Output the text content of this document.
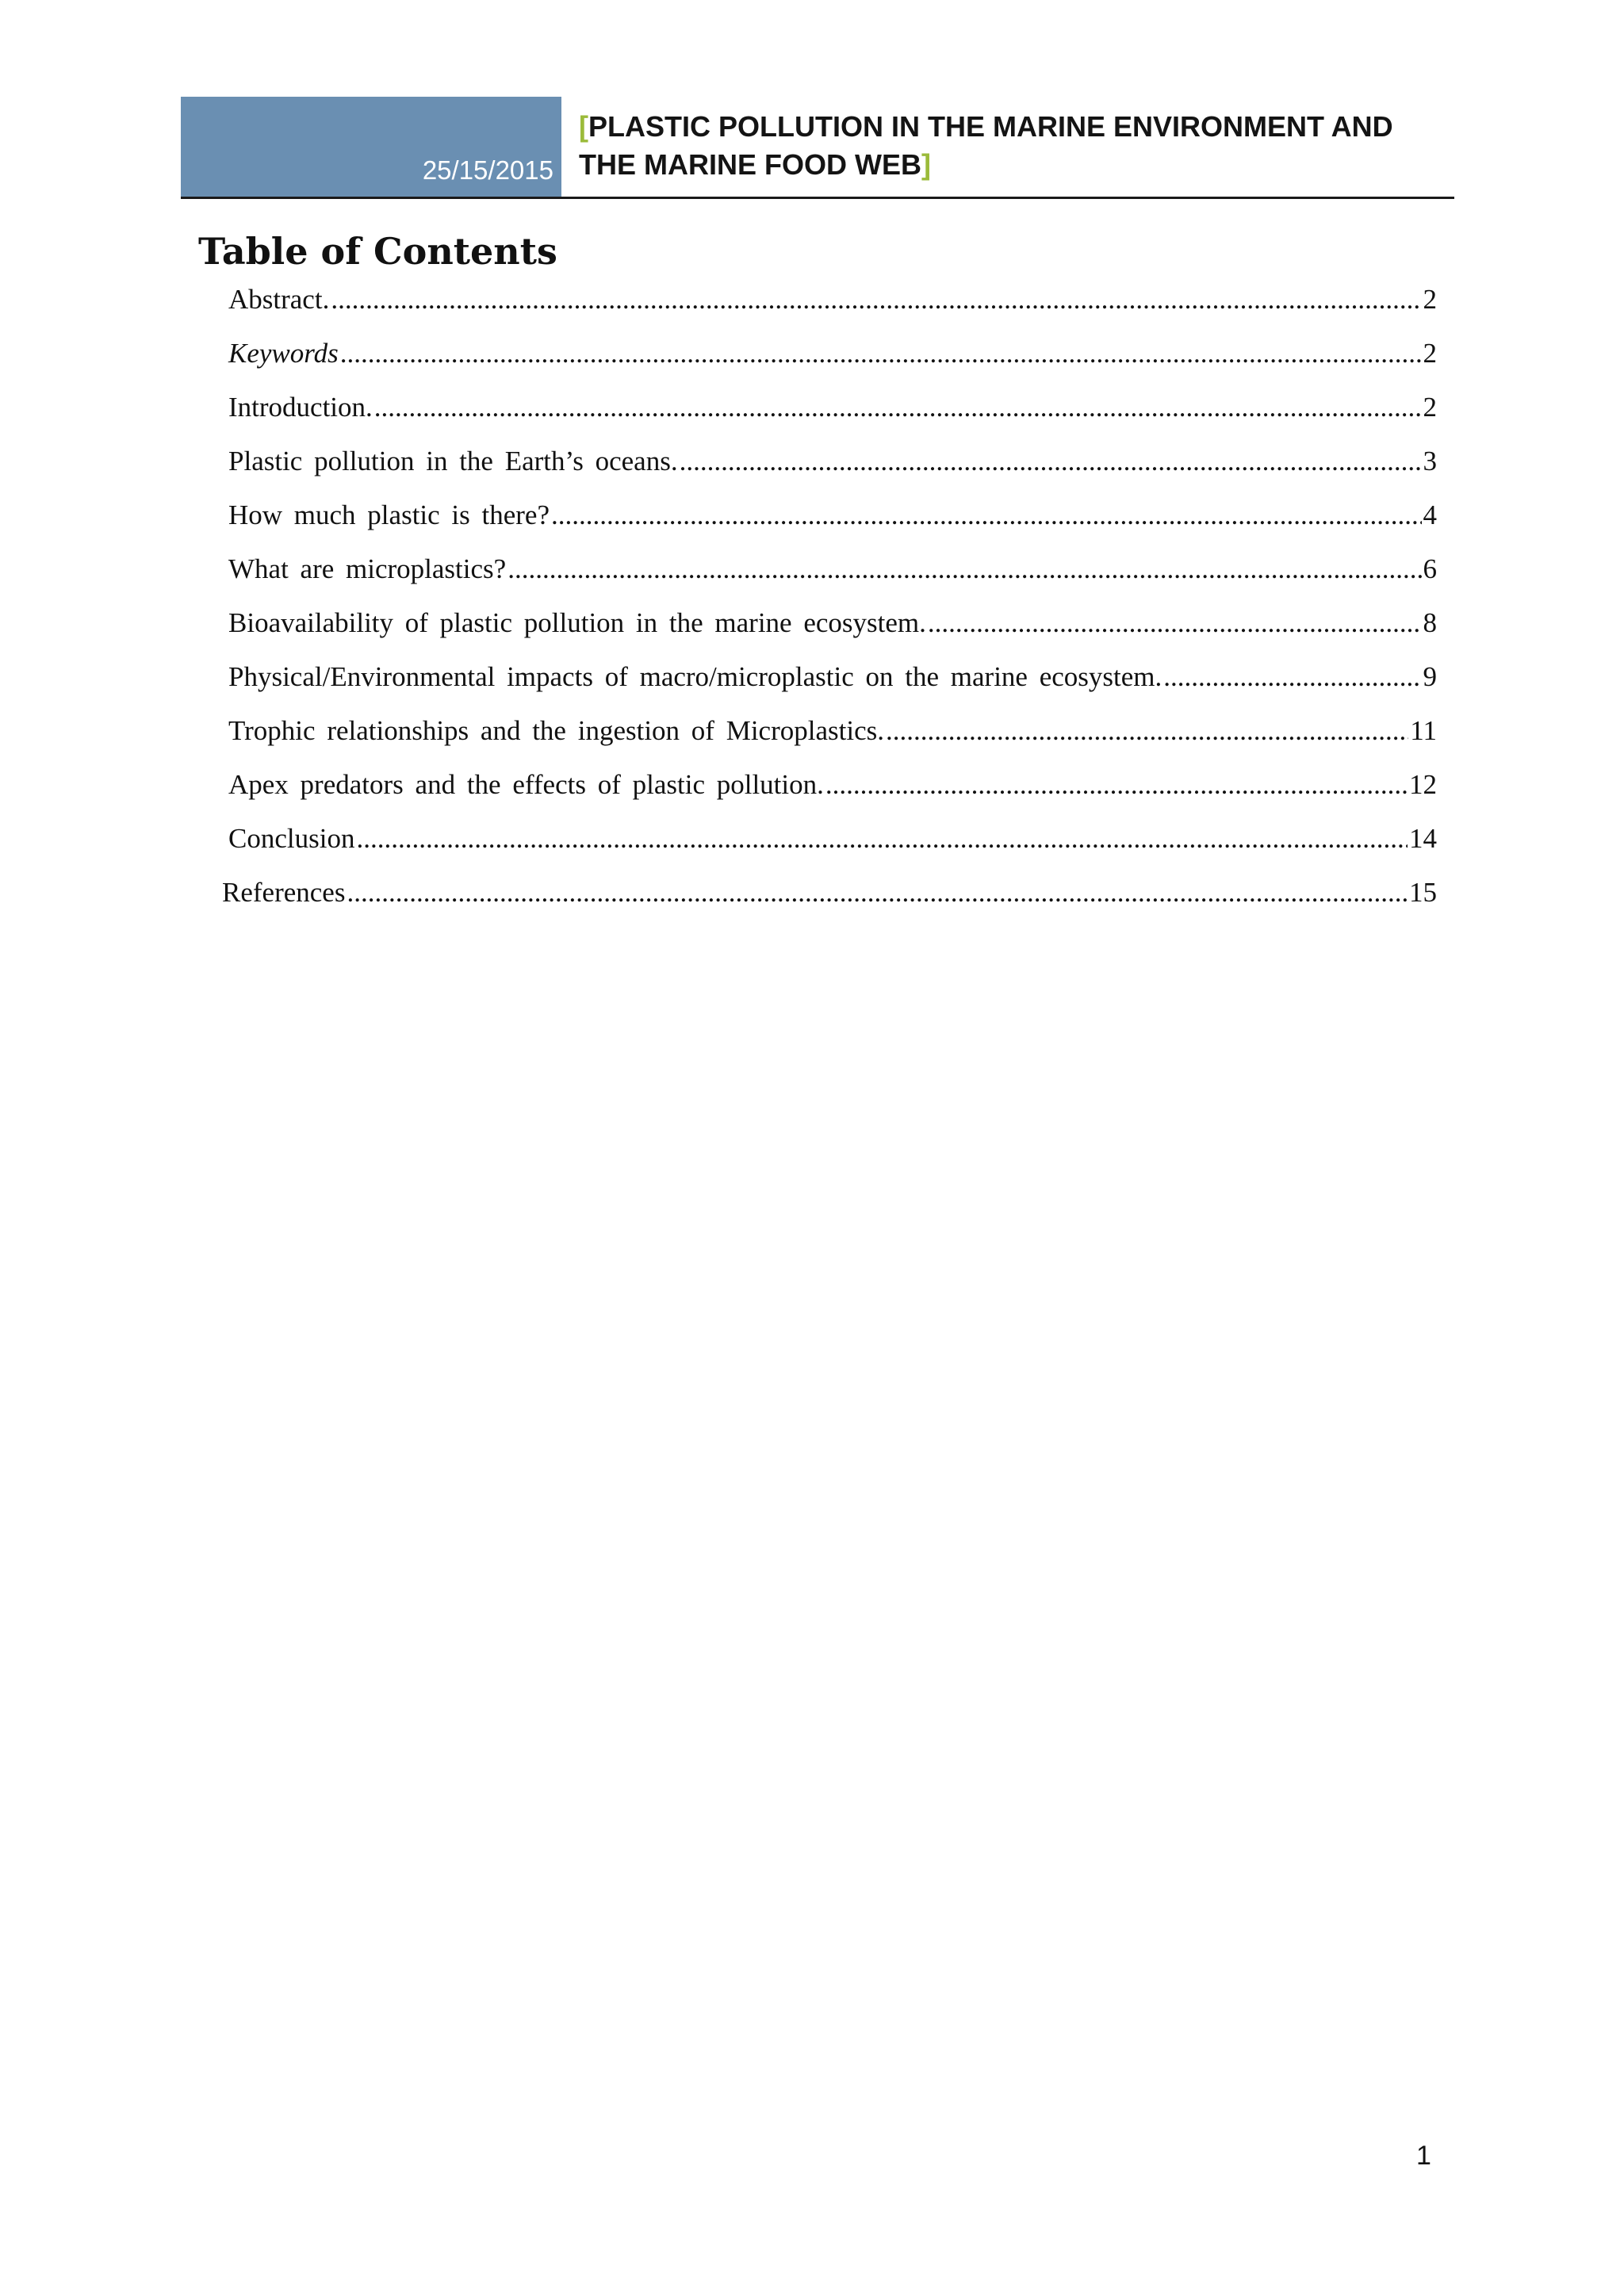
25/15/2015
[PLASTIC POLLUTION IN THE MARINE ENVIRONMENT AND THE MARINE FOOD WEB]
Table of Contents
Abstract. .....	2
Keywords .....	2
Introduction. .....	2
Plastic pollution in the Earth’s oceans. .....	3
How much plastic is there? .....	4
What are microplastics? .....	6
Bioavailability of plastic pollution in the marine ecosystem. .....	8
Physical/Environmental impacts of macro/microplastic on the marine ecosystem. .....	9
Trophic relationships and the ingestion of Microplastics. .....	11
Apex predators and the effects of plastic pollution. .....	12
Conclusion .....	14
References .....	15
1
